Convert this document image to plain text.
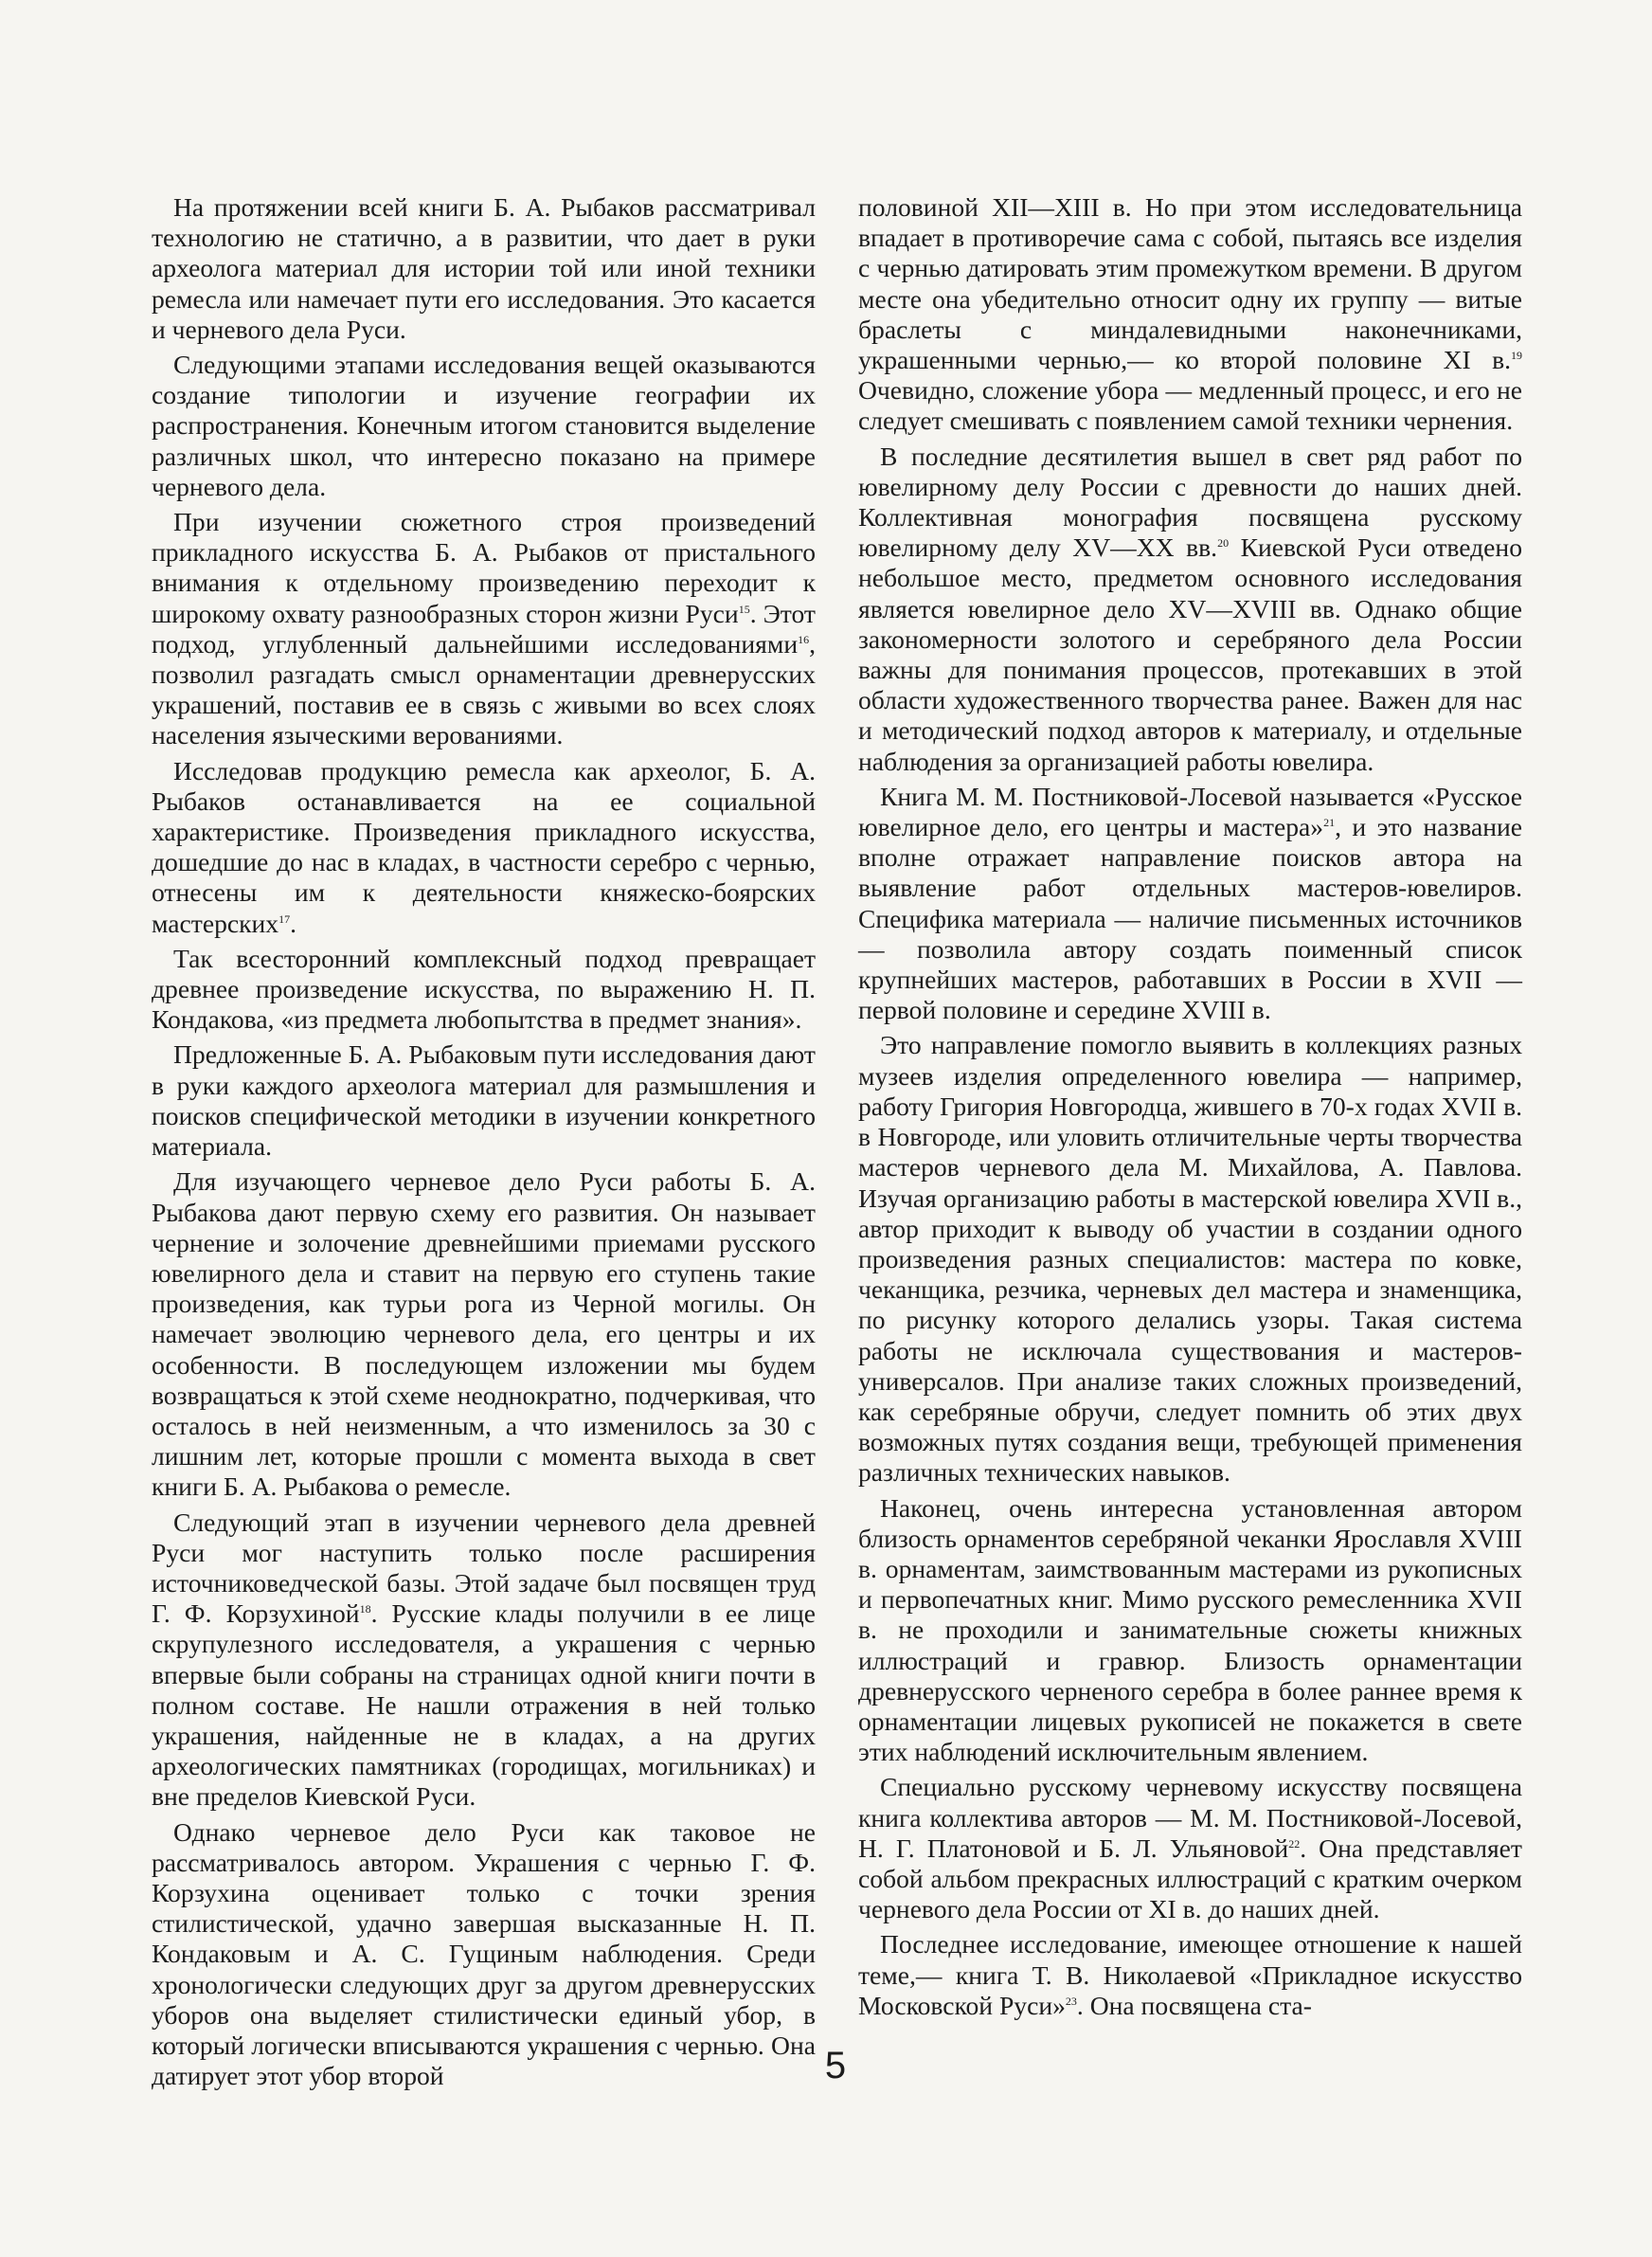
На протяжении всей книги Б. А. Рыбаков рассматривал технологию не статично, а в развитии, что дает в руки археолога материал для истории той или иной техники ремесла или намечает пути его исследования. Это касается и черневого дела Руси.

Следующими этапами исследования вещей оказываются создание типологии и изучение географии их распространения. Конечным итогом становится выделение различных школ, что интересно показано на примере черневого дела.

При изучении сюжетного строя произведений прикладного искусства Б. А. Рыбаков от пристального внимания к отдельному произведению переходит к широкому охвату разнообразных сторон жизни Руси$^{15}$. Этот подход, углубленный дальнейшими исследованиями$^{16}$, позволил разгадать смысл орнаментации древнерусских украшений, поставив ее в связь с живыми во всех слоях населения языческими верованиями.

Исследовав продукцию ремесла как археолог, Б. А. Рыбаков останавливается на ее социальной характеристике. Произведения прикладного искусства, дошедшие до нас в кладах, в частности серебро с чернью, отнесены им к деятельности княжеско-боярских мастерских$^{17}$.

Так всесторонний комплексный подход превращает древнее произведение искусства, по выражению Н. П. Кондакова, «из предмета любопытства в предмет знания».

Предложенные Б. А. Рыбаковым пути исследования дают в руки каждого археолога материал для размышления и поисков специфической методики в изучении конкретного материала.

Для изучающего черневое дело Руси работы Б. А. Рыбакова дают первую схему его развития. Он называет чернение и золочение древнейшими приемами русского ювелирного дела и ставит на первую его ступень такие произведения, как турьи рога из Черной могилы. Он намечает эволюцию черневого дела, его центры и их особенности. В последующем изложении мы будем возвращаться к этой схеме неоднократно, подчеркивая, что осталось в ней неизменным, а что изменилось за 30 с лишним лет, которые прошли с момента выхода в свет книги Б. А. Рыбакова о ремесле.

Следующий этап в изучении черневого дела древней Руси мог наступить только после расширения источниковедческой базы. Этой задаче был посвящен труд Г. Ф. Корзухиной$^{18}$. Русские клады получили в ее лице скрупулезного исследователя, а украшения с чернью впервые были собраны на страницах одной книги почти в полном составе. Не нашли отражения в ней только украшения, найденные не в кладах, а на других археологических памятниках (городищах, могильниках) и вне пределов Киевской Руси.

Однако черневое дело Руси как таковое не рассматривалось автором. Украшения с чернью Г. Ф. Корзухина оценивает только с точки зрения стилистической, удачно завершая высказанные Н. П. Кондаковым и А. С. Гущиным наблюдения. Среди хронологически следующих друг за другом древнерусских уборов она выделяет стилистически единый убор, в который логически вписываются украшения с чернью. Она датирует этот убор второй

половиной XII—XIII в. Но при этом исследовательница впадает в противоречие сама с собой, пытаясь все изделия с чернью датировать этим промежутком времени. В другом месте она убедительно относит одну их группу — витые браслеты с миндалевидными наконечниками, украшенными чернью,— ко второй половине XI в.$^{19}$ Очевидно, сложение убора — медленный процесс, и его не следует смешивать с появлением самой техники чернения.

В последние десятилетия вышел в свет ряд работ по ювелирному делу России с древности до наших дней. Коллективная монография посвящена русскому ювелирному делу XV—XX вв.$^{20}$ Киевской Руси отведено небольшое место, предметом основного исследования является ювелирное дело XV—XVIII вв. Однако общие закономерности золотого и серебряного дела России важны для понимания процессов, протекавших в этой области художественного творчества ранее. Важен для нас и методический подход авторов к материалу, и отдельные наблюдения за организацией работы ювелира.

Книга М. М. Постниковой-Лосевой называется «Русское ювелирное дело, его центры и мастера»$^{21}$, и это название вполне отражает направление поисков автора на выявление работ отдельных мастеров-ювелиров. Специфика материала — наличие письменных источников — позволила автору создать поименный список крупнейших мастеров, работавших в России в XVII — первой половине и середине XVIII в.

Это направление помогло выявить в коллекциях разных музеев изделия определенного ювелира — например, работу Григория Новгородца, жившего в 70-х годах XVII в. в Новгороде, или уловить отличительные черты творчества мастеров черневого дела М. Михайлова, А. Павлова. Изучая организацию работы в мастерской ювелира XVII в., автор приходит к выводу об участии в создании одного произведения разных специалистов: мастера по ковке, чеканщика, резчика, черневых дел мастера и знаменщика, по рисунку которого делались узоры. Такая система работы не исключала существования и мастеров-универсалов. При анализе таких сложных произведений, как серебряные обручи, следует помнить об этих двух возможных путях создания вещи, требующей применения различных технических навыков.

Наконец, очень интересна установленная автором близость орнаментов серебряной чеканки Ярославля XVIII в. орнаментам, заимствованным мастерами из рукописных и первопечатных книг. Мимо русского ремесленника XVII в. не проходили и занимательные сюжеты книжных иллюстраций и гравюр. Близость орнаментации древнерусского черненого серебра в более раннее время к орнаментации лицевых рукописей не покажется в свете этих наблюдений исключительным явлением.

Специально русскому черневому искусству посвящена книга коллектива авторов — М. М. Постниковой-Лосевой, Н. Г. Платоновой и Б. Л. Ульяновой$^{22}$. Она представляет собой альбом прекрасных иллюстраций с кратким очерком черневого дела России от XI в. до наших дней.

Последнее исследование, имеющее отношение к нашей теме,— книга Т. В. Николаевой «Прикладное искусство Московской Руси»$^{23}$. Она посвящена ста-

5
